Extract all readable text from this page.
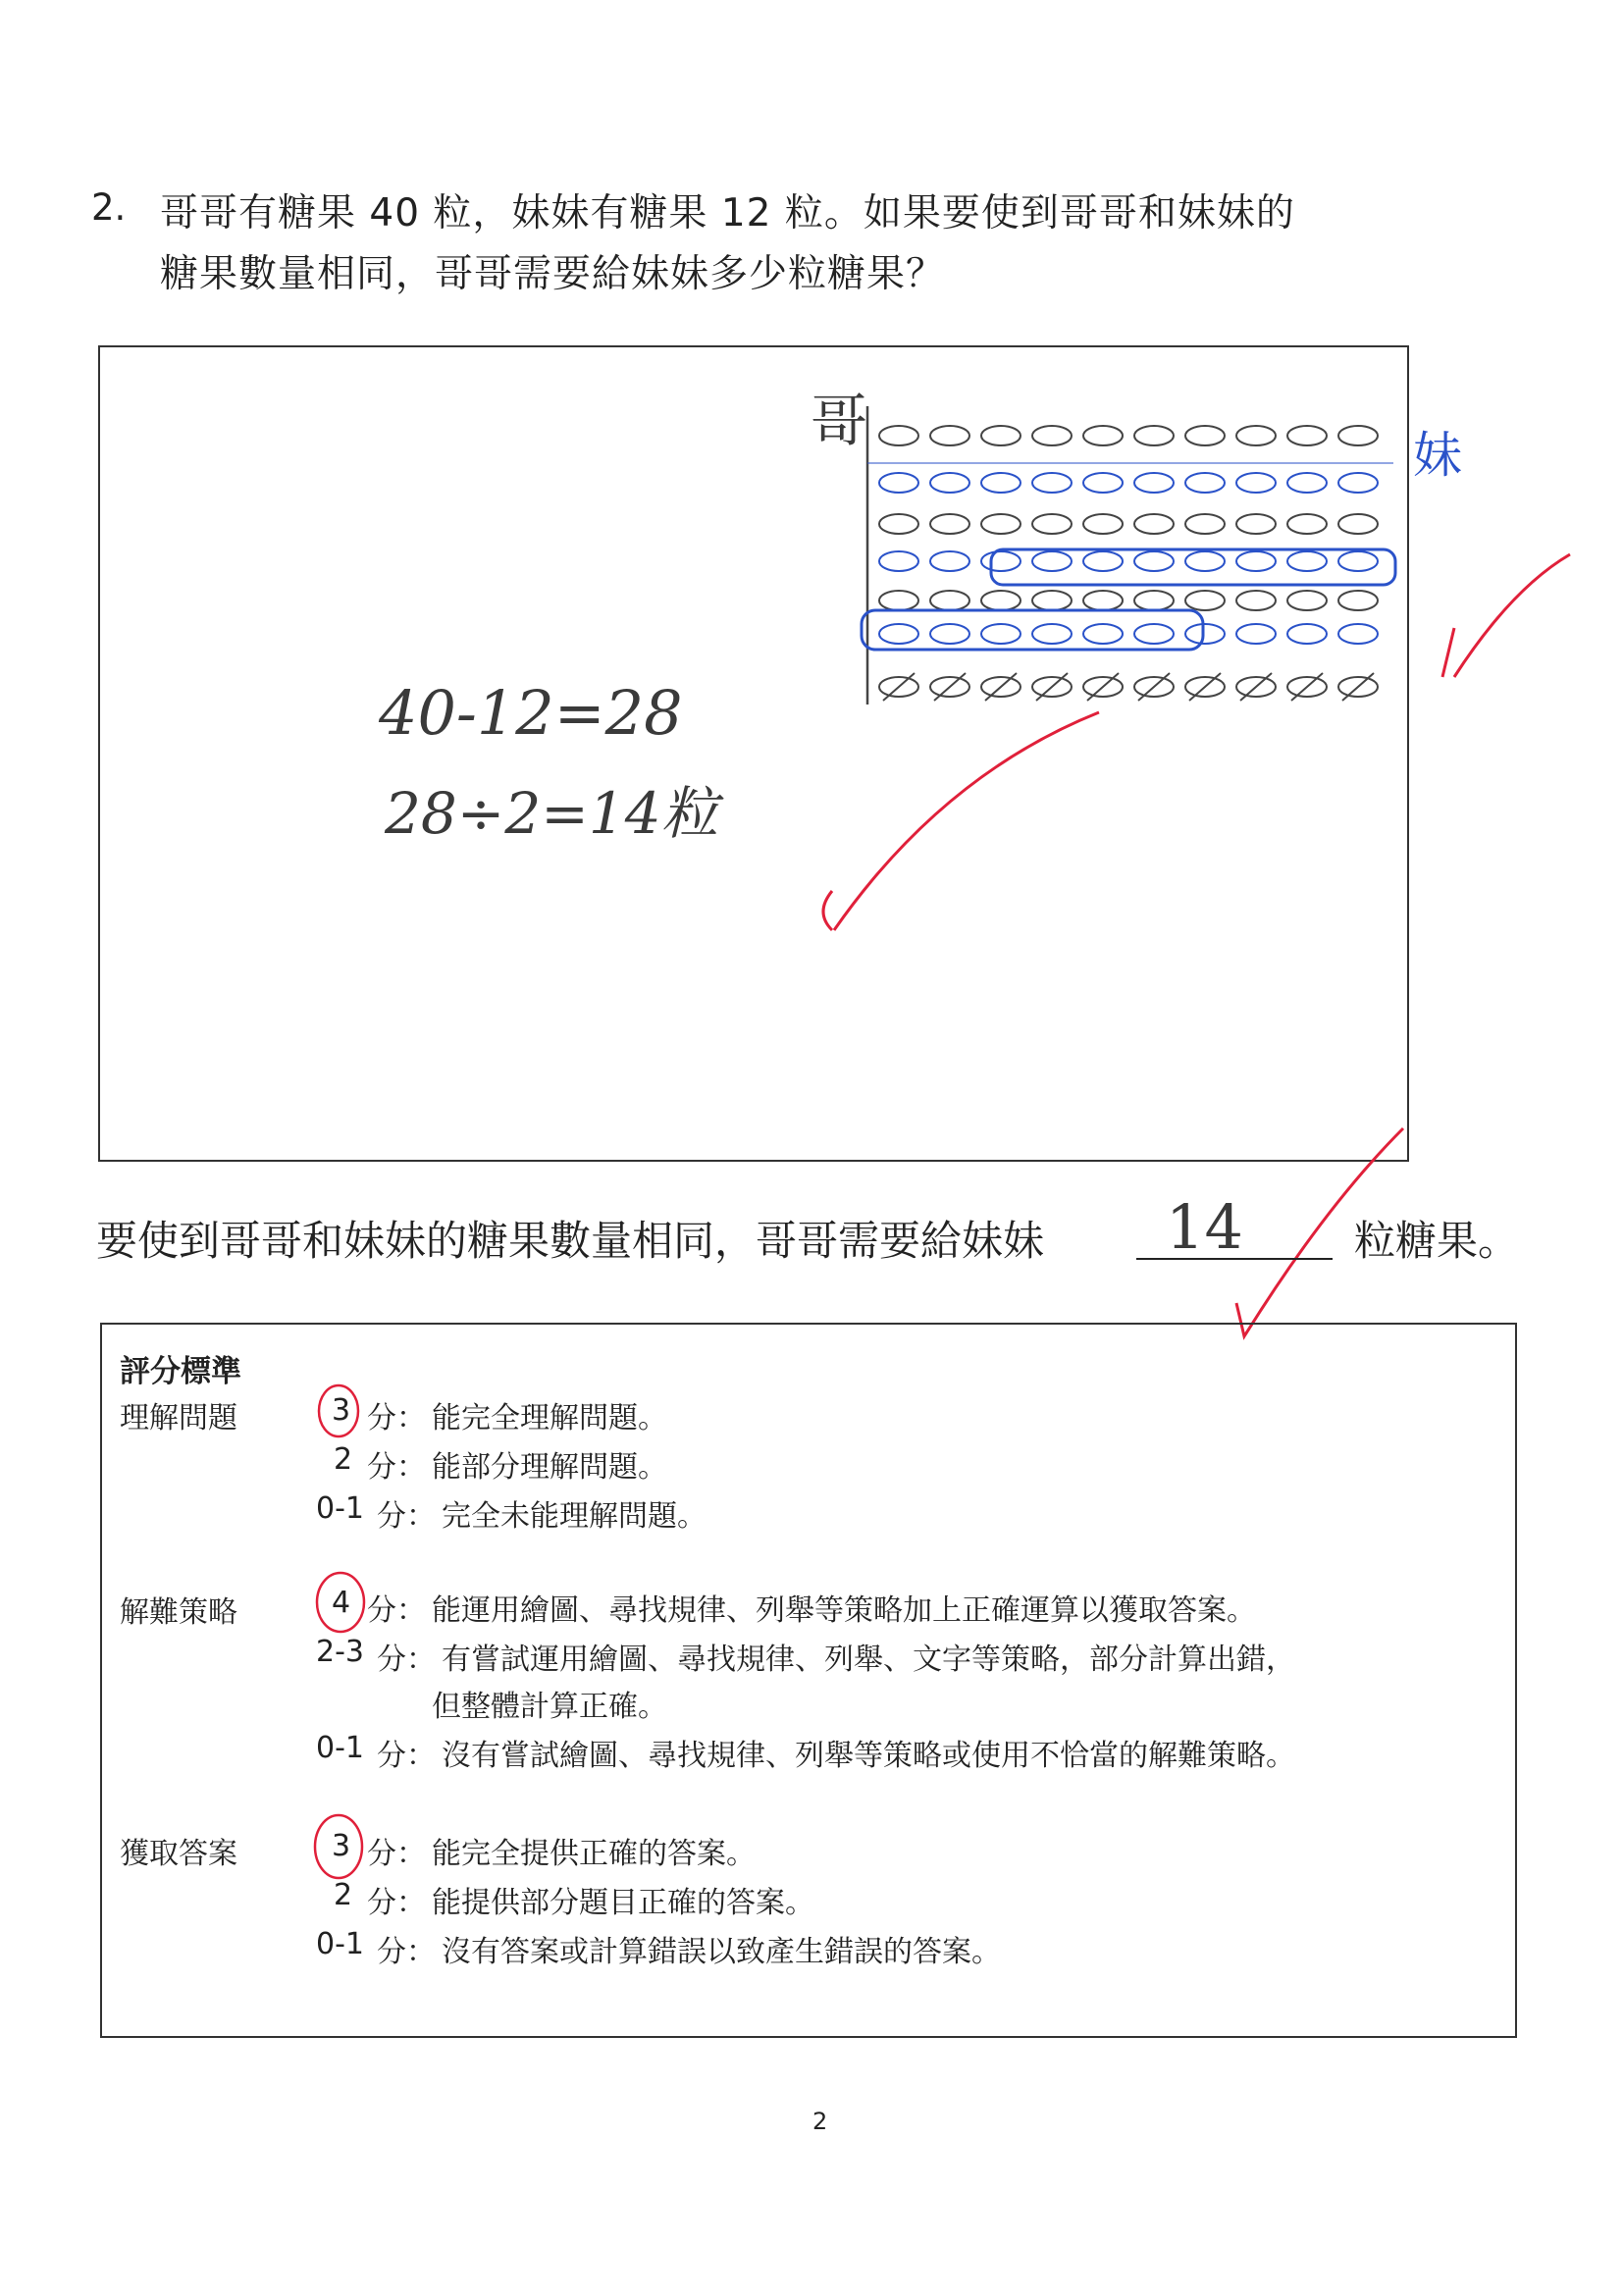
2. 哥哥有糖果 40 粒，妹妹有糖果 12 粒。如果要使到哥哥和妹妹的
糖果數量相同，哥哥需要給妹妹多少粒糖果？
哥
妹
40-12=28
28÷2=14粒
要使到哥哥和妹妹的糖果數量相同，哥哥需要給妹妹 14	粒糖果。
評分標準
理解問題	3 分： 能完全理解問題。
2 分： 能部分理解問題。
0-1 分： 完全未能理解問題。
解難策略	4 分： 能運用繪圖、尋找規律、列舉等策略加上正確運算以獲取答案。
2-3 分： 有嘗試運用繪圖、尋找規律、列舉、文字等策略，部分計算出錯，
但整體計算正確。
0-1 分： 沒有嘗試繪圖、尋找規律、列舉等策略或使用不恰當的解難策略。
獲取答案	3 分： 能完全提供正確的答案。
2 分： 能提供部分題目正確的答案。
0-1 分： 沒有答案或計算錯誤以致產生錯誤的答案。
2
